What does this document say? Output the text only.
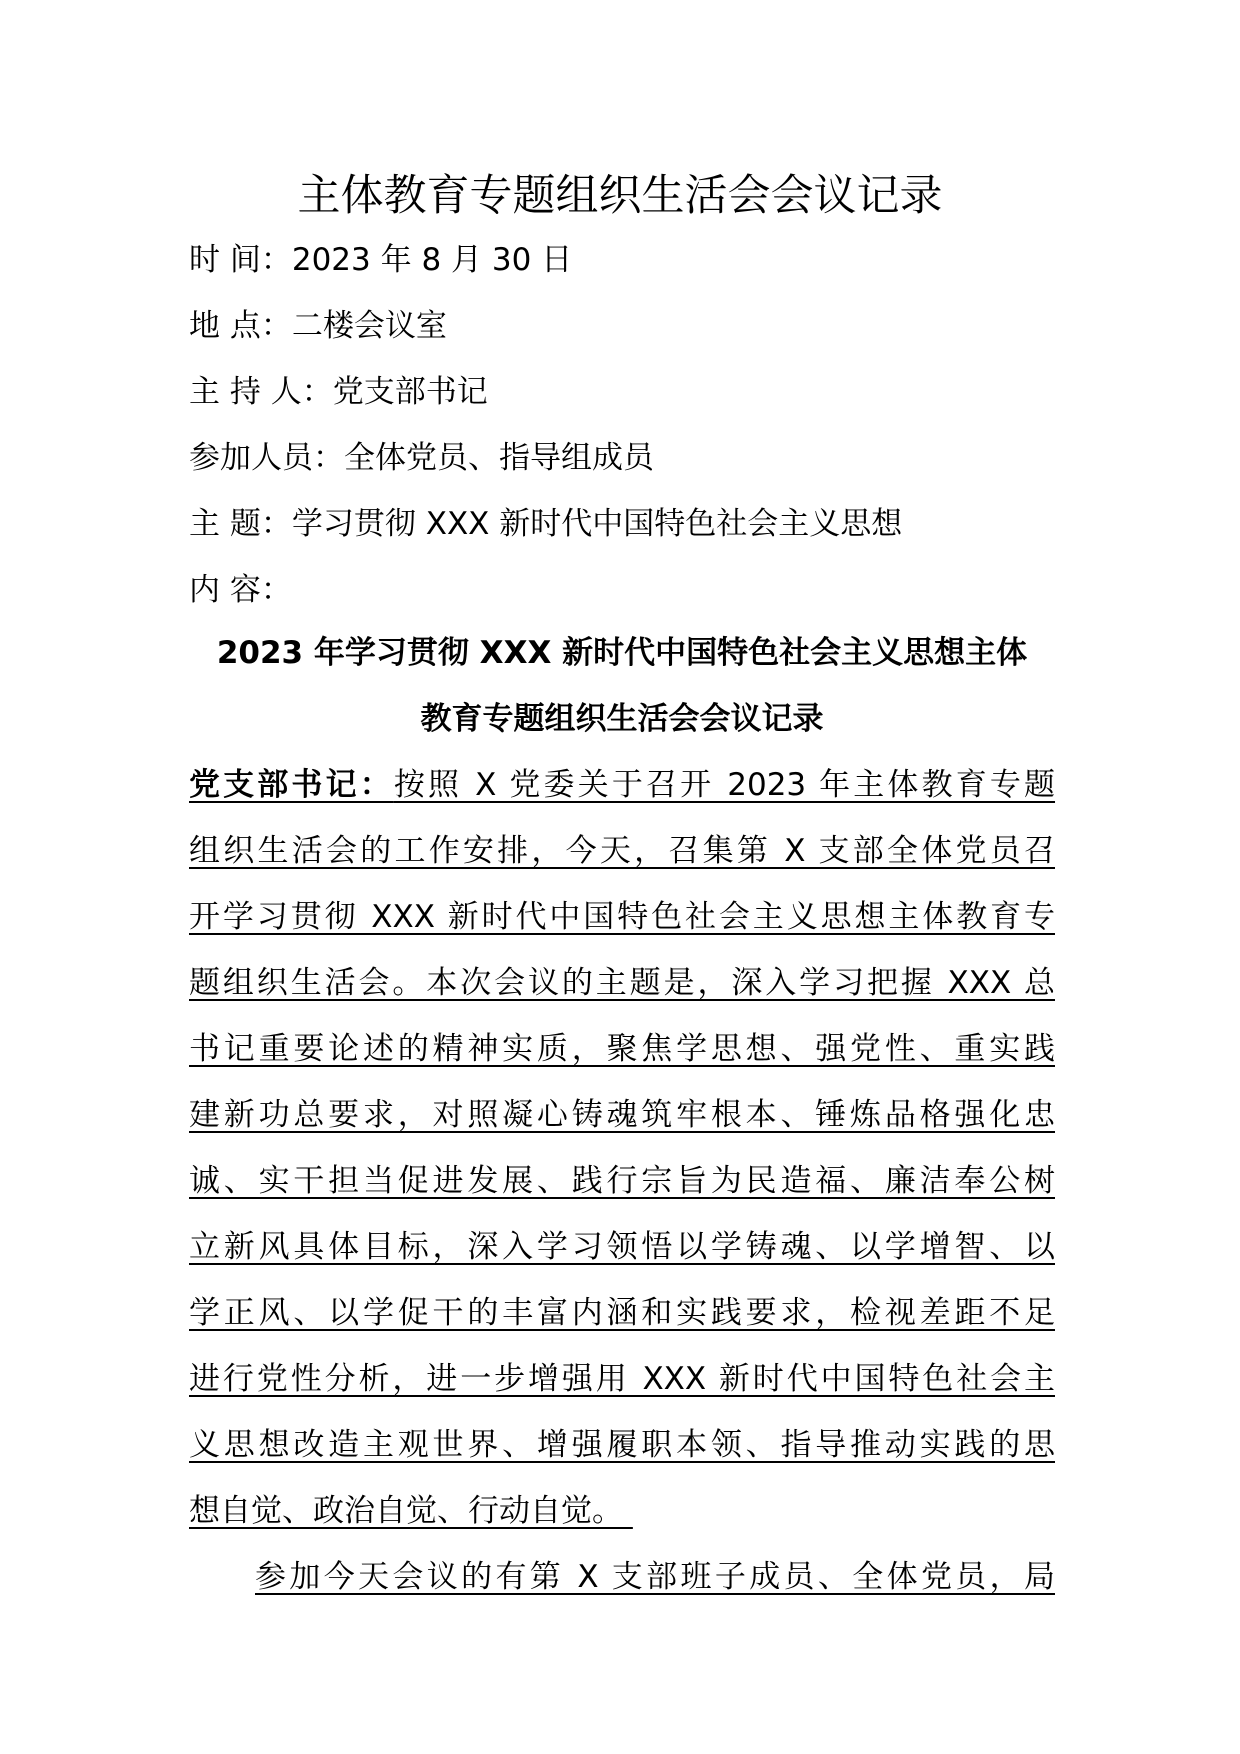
主体教育专题组织生活会会议记录
时 间：2023 年 8 月 30 日
地 点：二楼会议室
主 持 人：党支部书记
参加人员：全体党员、指导组成员
主 题：学习贯彻 XXX 新时代中国特色社会主义思想
内 容：
2023 年学习贯彻 XXX 新时代中国特色社会主义思想主体
教育专题组织生活会会议记录
党支部书记：按照 X 党委关于召开 2023 年主体教育专题
组织生活会的工作安排，今天，召集第 X 支部全体党员召
开学习贯彻 XXX 新时代中国特色社会主义思想主体教育专
题组织生活会。本次会议的主题是，深入学习把握 XXX 总
书记重要论述的精神实质，聚焦学思想、强党性、重实践
建新功总要求，对照凝心铸魂筑牢根本、锤炼品格强化忠
诚、实干担当促进发展、践行宗旨为民造福、廉洁奉公树
立新风具体目标，深入学习领悟以学铸魂、以学增智、以
学正风、以学促干的丰富内涵和实践要求，检视差距不足
进行党性分析，进一步增强用 XXX 新时代中国特色社会主
义思想改造主观世界、增强履职本领、指导推动实践的思
想自觉、政治自觉、行动自觉。
参加今天会议的有第 X 支部班子成员、全体党员，局
